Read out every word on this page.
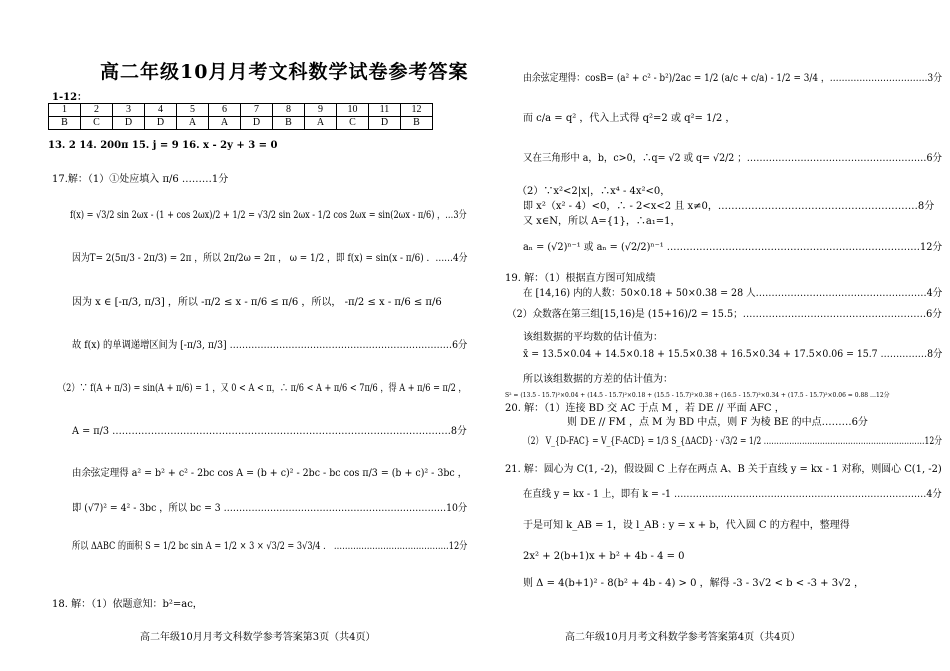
高二年级10月月考文科数学试卷参考答案
1-12：
1	2	3	4	5	6	7	8	9	10	11	12
B	C	D	D	A	A	D	B	A	C	D	B
13. 2 14. 200π 15. j = 9 16. x - 2y + 3 = 0
17.解：（1）①处应填入 π/6 ………1分
f(x) = √3/2 sin 2ωx - (1 + cos 2ωx)/2 + 1/2 = √3/2 sin 2ωx - 1/2 cos 2ωx = sin(2ωx - π/6) ，…3分
因为T= 2(5π/3 - 2π/3) = 2π ，所以 2π/2ω = 2π ， ω = 1/2 ，即 f(x) = sin(x - π/6) ．……4分
因为 x ∈ [-π/3, π/3] ，所以 -π/2 ≤ x - π/6 ≤ π/6 ，所以， -π/2 ≤ x - π/6 ≤ π/6
故 f(x) 的单调递增区间为 [-π/3, π/3] ………………………………………………………………6分
（2）∵ f(A + π/3) = sin(A + π/6) = 1 ，又 0 < A < π，∴ π/6 < A + π/6 < 7π/6 ，得 A + π/6 = π/2 ，
A = π/3 ……………………………………………………………………………………………8分
由余弦定理得 a² = b² + c² - 2bc cos A = (b + c)² - 2bc - bc cos π/3 = (b + c)² - 3bc ，
即 (√7)² = 4² - 3bc ，所以 bc = 3 ………………………………………………………………10分
所以 ΔABC 的面积 S = 1/2 bc sin A = 1/2 × 3 × √3/2 = 3√3/4 ． ……………………………………12分
18. 解：（1）依题意知：b²=ac，
高二年级10月月考文科数学参考答案第3页（共4页）
由余弦定理得：cosB= (a² + c² - b²)/2ac = 1/2 (a/c + c/a) - 1/2 = 3/4 ，……………………………3分
而 c/a = q² ，代入上式得 q²=2 或 q²= 1/2 ，
又在三角形中 a，b，c>0，∴q= √2 或 q= √2/2 ；…………………………………………………6分
（2）∵x²<2|x|，∴x⁴ - 4x²<0，
即 x²（x² - 4）<0，∴ - 2<x<2 且 x≠0，……………………………………………………8分
又 x∈N，所以 A={1}，∴a₁=1，
aₙ = (√2)ⁿ⁻¹ 或 aₙ = (√2/2)ⁿ⁻¹ ……………………………………………………………………12分
19. 解：（1）根据直方图可知成绩
在 [14,16) 内的人数：50×0.18 + 50×0.38 = 28 人………………………………………………4分
（2）众数落在第三组[15,16)是 (15+16)/2 = 15.5；…………………………………………………6分
该组数据的平均数的估计值为：
x̄ = 13.5×0.04 + 14.5×0.18 + 15.5×0.38 + 16.5×0.34 + 17.5×0.06 = 15.7 ……………8分
所以该组数据的方差的估计值为：
S² = (13.5 - 15.7)²×0.04 + (14.5 - 15.7)²×0.18 + (15.5 - 15.7)²×0.38 + (16.5 - 15.7)²×0.34 + (17.5 - 15.7)²×0.06 = 0.88 …12分
20. 解：（1）连接 BD 交 AC 于点 M ，若 DE // 平面 AFC ，
则 DE // FM ，点 M 为 BD 中点，则 F 为棱 BE 的中点………6分
（2） V_{D-FAC} = V_{F-ACD} = 1/3 S_{ΔACD} · √3/2 = 1/2 ………………………………………………………12分
21. 解：圆心为 C(1, -2)，假设圆 C 上存在两点 A、B 关于直线 y = kx - 1 对称，则圆心 C(1, -2)
在直线 y = kx - 1 上，即有 k = -1 ………………………………………………………………………4分
于是可知 k_AB = 1，设 l_AB : y = x + b，代入圆 C 的方程中，整理得
2x² + 2(b+1)x + b² + 4b - 4 = 0
则 Δ = 4(b+1)² - 8(b² + 4b - 4) > 0 ，解得 -3 - 3√2 < b < -3 + 3√2 ，
高二年级10月月考文科数学参考答案第4页（共4页）
